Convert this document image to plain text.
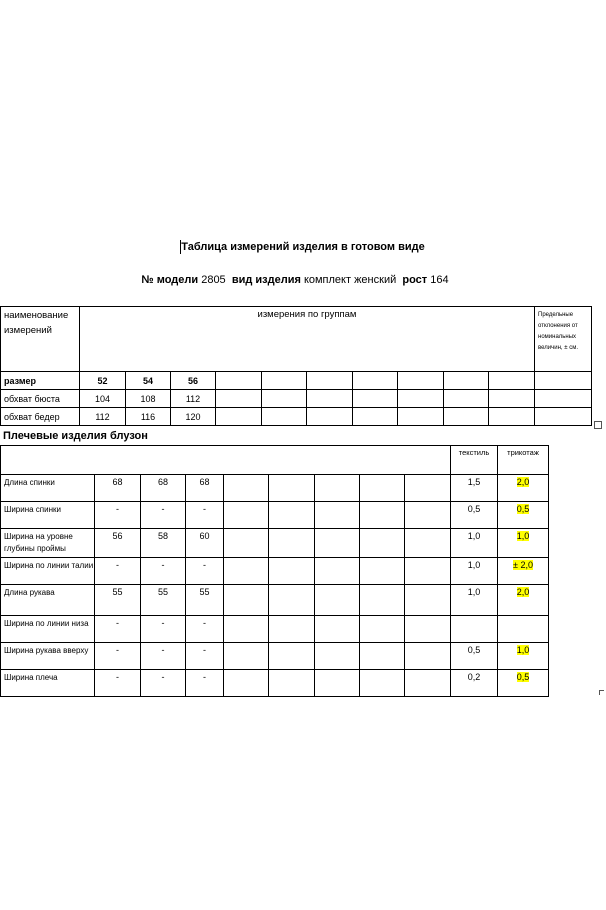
Таблица измерений изделия в готовом виде
№ модели 2805 вид изделия комплект женский рост 164
наименование измерений	измерения по группам										Предельные отклонения от номинальных величин, ± см.
размер	52	54	56								
обхват бюста	104	108	112								
обхват бедер	112	116	120								
Плечевые изделия блузон
									текстиль	трикотаж
Длина спинки	68	68	68						1,5	2,0
Ширина спинки	-	-	-						0,5	0,5
Ширина на уровне глубины проймы	56	58	60						1,0	1,0
Ширина по линии талии	-	-	-						1,0	± 2,0
Длина рукава	55	55	55						1,0	2,0
Ширина по линии низа	-	-	-							
Ширина рукава вверху	-	-	-						0,5	1,0
Ширина плеча	-	-	-						0,2	0,5
